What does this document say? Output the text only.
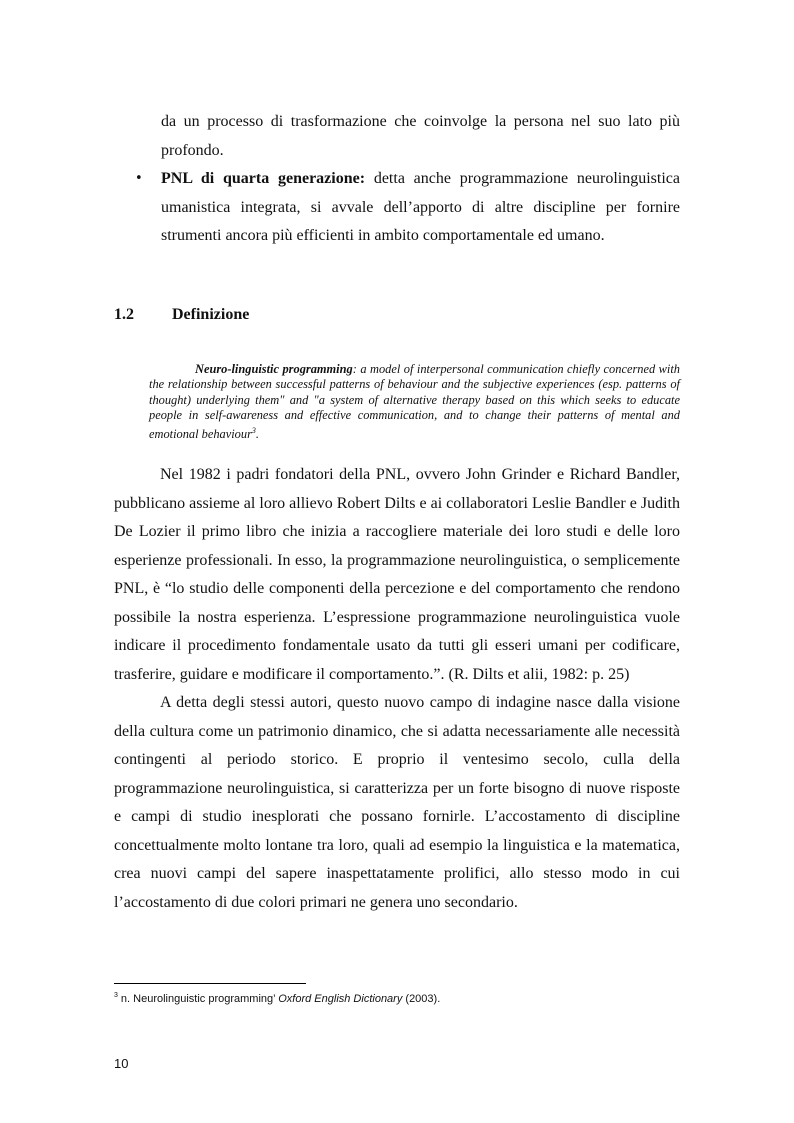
da un processo di trasformazione che coinvolge la persona nel suo lato più profondo.
•	PNL di quarta generazione: detta anche programmazione neurolinguistica umanistica integrata, si avvale dell’apporto di altre discipline per fornire strumenti ancora più efficienti in ambito comportamentale ed umano.
1.2	Definizione
Neuro-linguistic programming: a model of interpersonal communication chiefly concerned with the relationship between successful patterns of behaviour and the subjective experiences (esp. patterns of thought) underlying them" and "a system of alternative therapy based on this which seeks to educate people in self-awareness and effective communication, and to change their patterns of mental and emotional behaviour$^3$.

Nel 1982 i padri fondatori della PNL, ovvero John Grinder e Richard Bandler, pubblicano assieme al loro allievo Robert Dilts e ai collaboratori Leslie Bandler e Judith De Lozier il primo libro che inizia a raccogliere materiale dei loro studi e delle loro esperienze professionali. In esso, la programmazione neurolinguistica, o semplicemente PNL, è “lo studio delle componenti della percezione e del comportamento che rendono possibile la nostra esperienza. L’espressione programmazione neurolinguistica vuole indicare il procedimento fondamentale usato da tutti gli esseri umani per codificare, trasferire, guidare e modificare il comportamento.”. (R. Dilts et alii, 1982: p. 25)

A detta degli stessi autori, questo nuovo campo di indagine nasce dalla visione della cultura come un patrimonio dinamico, che si adatta necessariamente alle necessità contingenti al periodo storico. E proprio il ventesimo secolo, culla della programmazione neurolinguistica, si caratterizza per un forte bisogno di nuove risposte e campi di studio inesplorati che possano fornirle. L’accostamento di discipline concettualmente molto lontane tra loro, quali ad esempio la linguistica e la matematica, crea nuovi campi del sapere inaspettatamente prolifici, allo stesso modo in cui l’accostamento di due colori primari ne genera uno secondario.

$^3$ n. Neurolinguistic programming’ Oxford English Dictionary (2003).
10
